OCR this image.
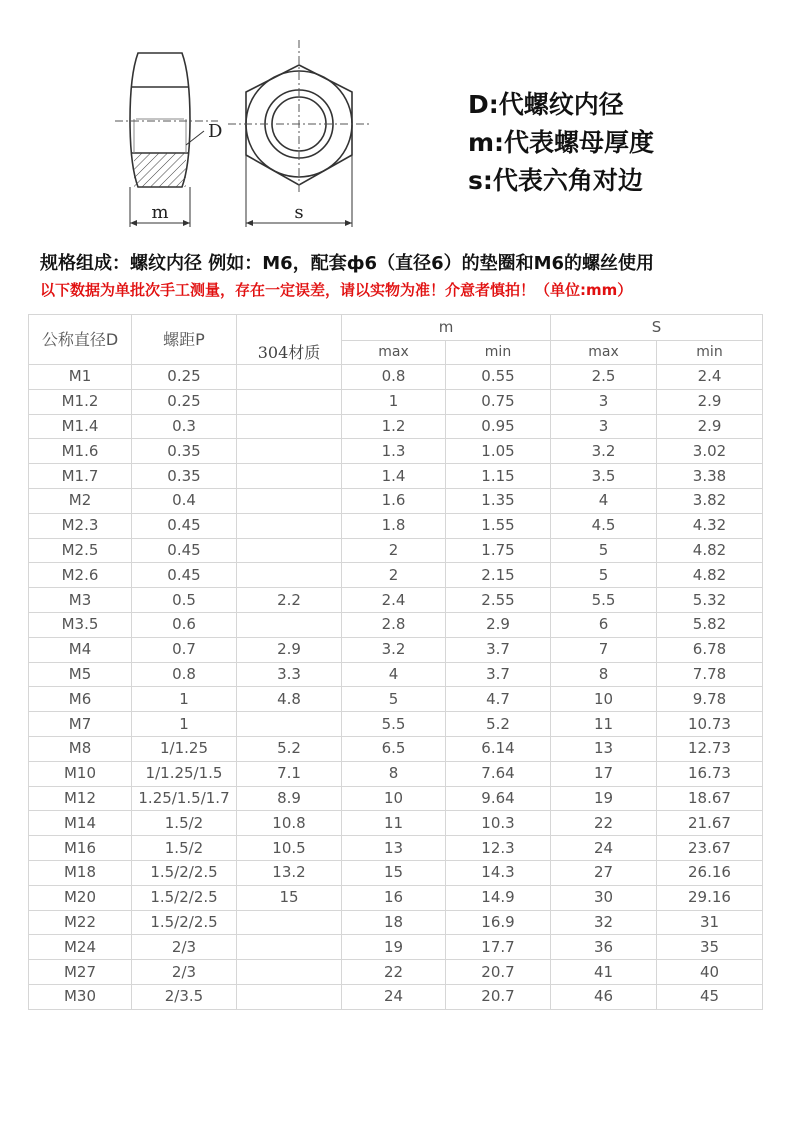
D
m	s
D:代螺纹内径
m:代表螺母厚度
s:代表六角对边
规格组成：螺纹内径 例如：M6，配套ф6（直径6）的垫圈和M6的螺丝使用
以下数据为单批次手工测量，存在一定误差，请以实物为准！介意者慎拍！（单位:mm）
公称直径D	螺距P		m		S	
		304材质	max	min	max	min
M1	0.25		0.8	0.55	2.5	2.4
M1.2	0.25		1	0.75	3	2.9
M1.4	0.3		1.2	0.95	3	2.9
M1.6	0.35		1.3	1.05	3.2	3.02
M1.7	0.35		1.4	1.15	3.5	3.38
M2	0.4		1.6	1.35	4	3.82
M2.3	0.45		1.8	1.55	4.5	4.32
M2.5	0.45		2	1.75	5	4.82
M2.6	0.45		2	2.15	5	4.82
M3	0.5	2.2	2.4	2.55	5.5	5.32
M3.5	0.6		2.8	2.9	6	5.82
M4	0.7	2.9	3.2	3.7	7	6.78
M5	0.8	3.3	4	3.7	8	7.78
M6	1	4.8	5	4.7	10	9.78
M7	1		5.5	5.2	11	10.73
M8	1/1.25	5.2	6.5	6.14	13	12.73
M10	1/1.25/1.5	7.1	8	7.64	17	16.73
M12	1.25/1.5/1.7	8.9	10	9.64	19	18.67
M14	1.5/2	10.8	11	10.3	22	21.67
M16	1.5/2	10.5	13	12.3	24	23.67
M18	1.5/2/2.5	13.2	15	14.3	27	26.16
M20	1.5/2/2.5	15	16	14.9	30	29.16
M22	1.5/2/2.5		18	16.9	32	31
M24	2/3		19	17.7	36	35
M27	2/3		22	20.7	41	40
M30	2/3.5		24	20.7	46	45
